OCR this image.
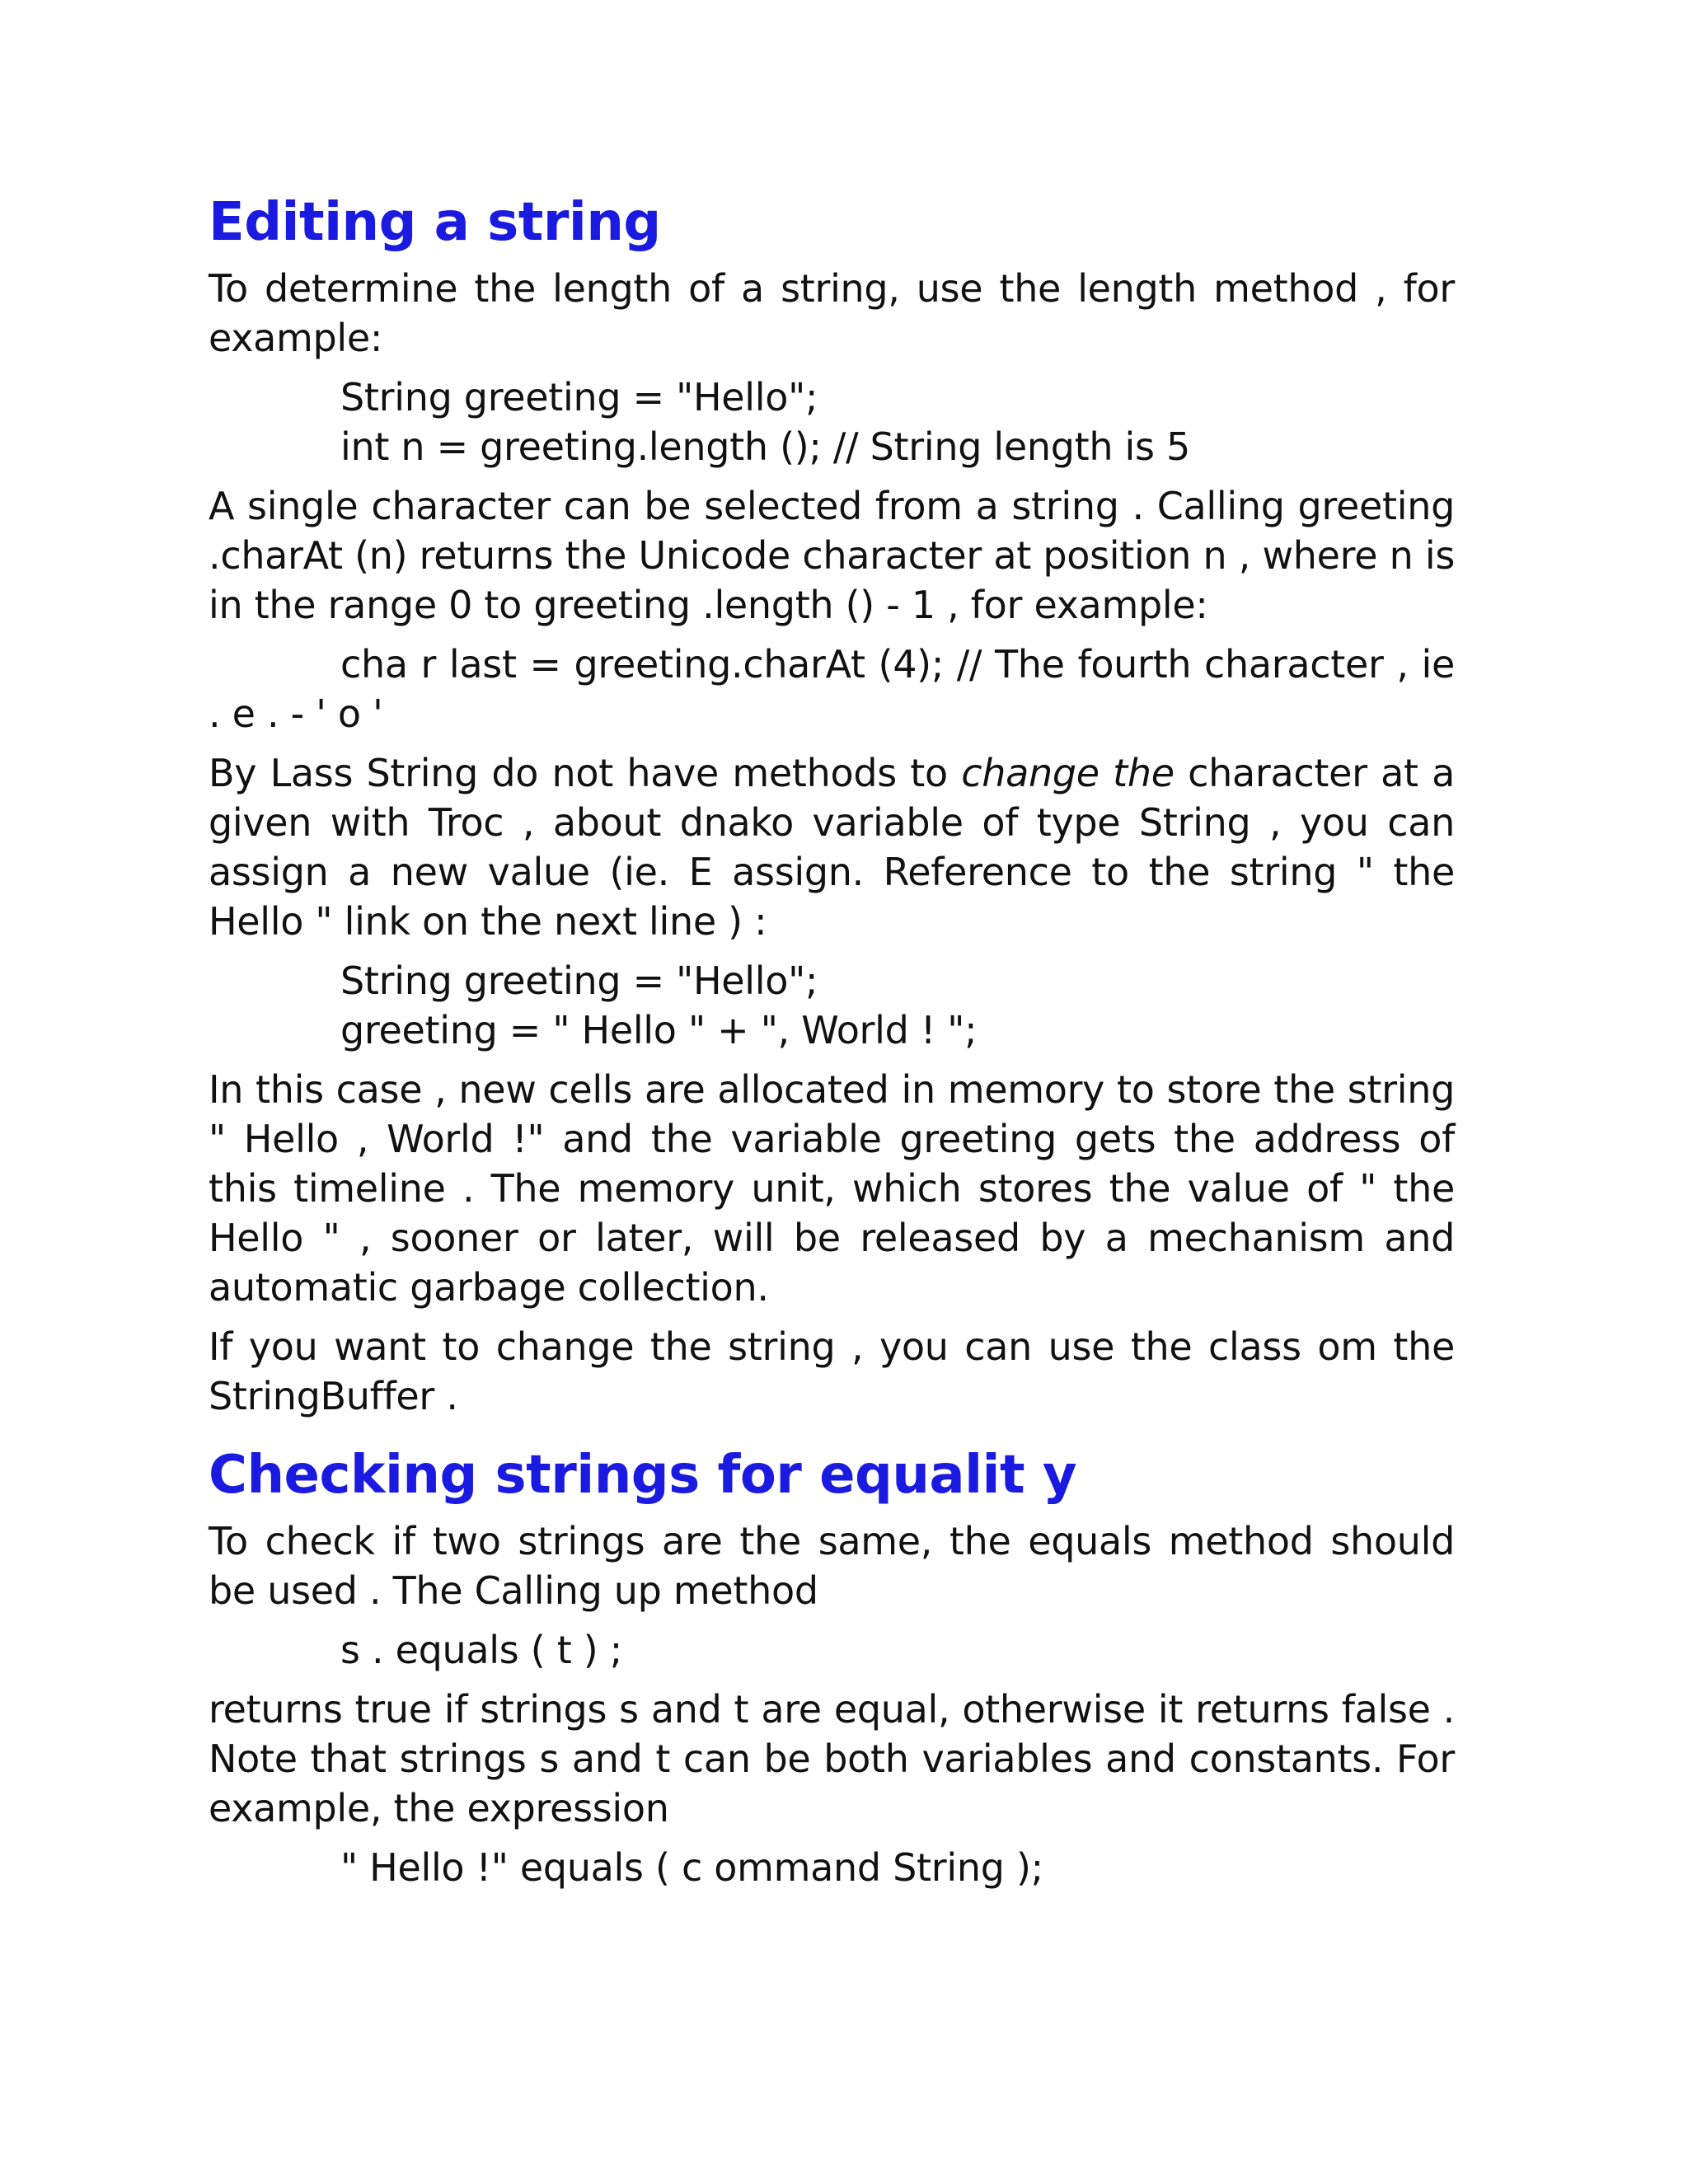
Editing a string

To determine the length of a string, use the length method , for example:

String greeting = "Hello";
int n = greeting.length (); // String length is 5

A single character can be selected from a string . Calling greeting .charAt (n) returns the Unicode character at position n , where n is in the range 0 to greeting .length () - 1 , for example:

cha r last = greeting.charAt (4); // The fourth character , ie . e . - ' o '

By Lass String do not have methods to change the character at a given with Troc , about dnako variable of type String , you can assign a new value (ie. E assign. Reference to the string " the Hello " link on the next line ) :

String greeting = "Hello";
greeting = " Hello " + ", World ! ";

In this case , new cells are allocated in memory to store the string " Hello , World !" and the variable greeting gets the address of this timeline . The memory unit, which stores the value of " the Hello " , sooner or later, will be released by a mechanism and automatic garbage collection.

If you want to change the string , you can use the class om the StringBuffer .

Checking strings for equalit y

To check if two strings are the same, the equals method should be used . The Calling up method

s . equals ( t ) ;

returns true if strings s and t are equal, otherwise it returns false . Note that strings s and t can be both variables and constants. For example, the expression

" Hello !" equals ( c ommand String );
